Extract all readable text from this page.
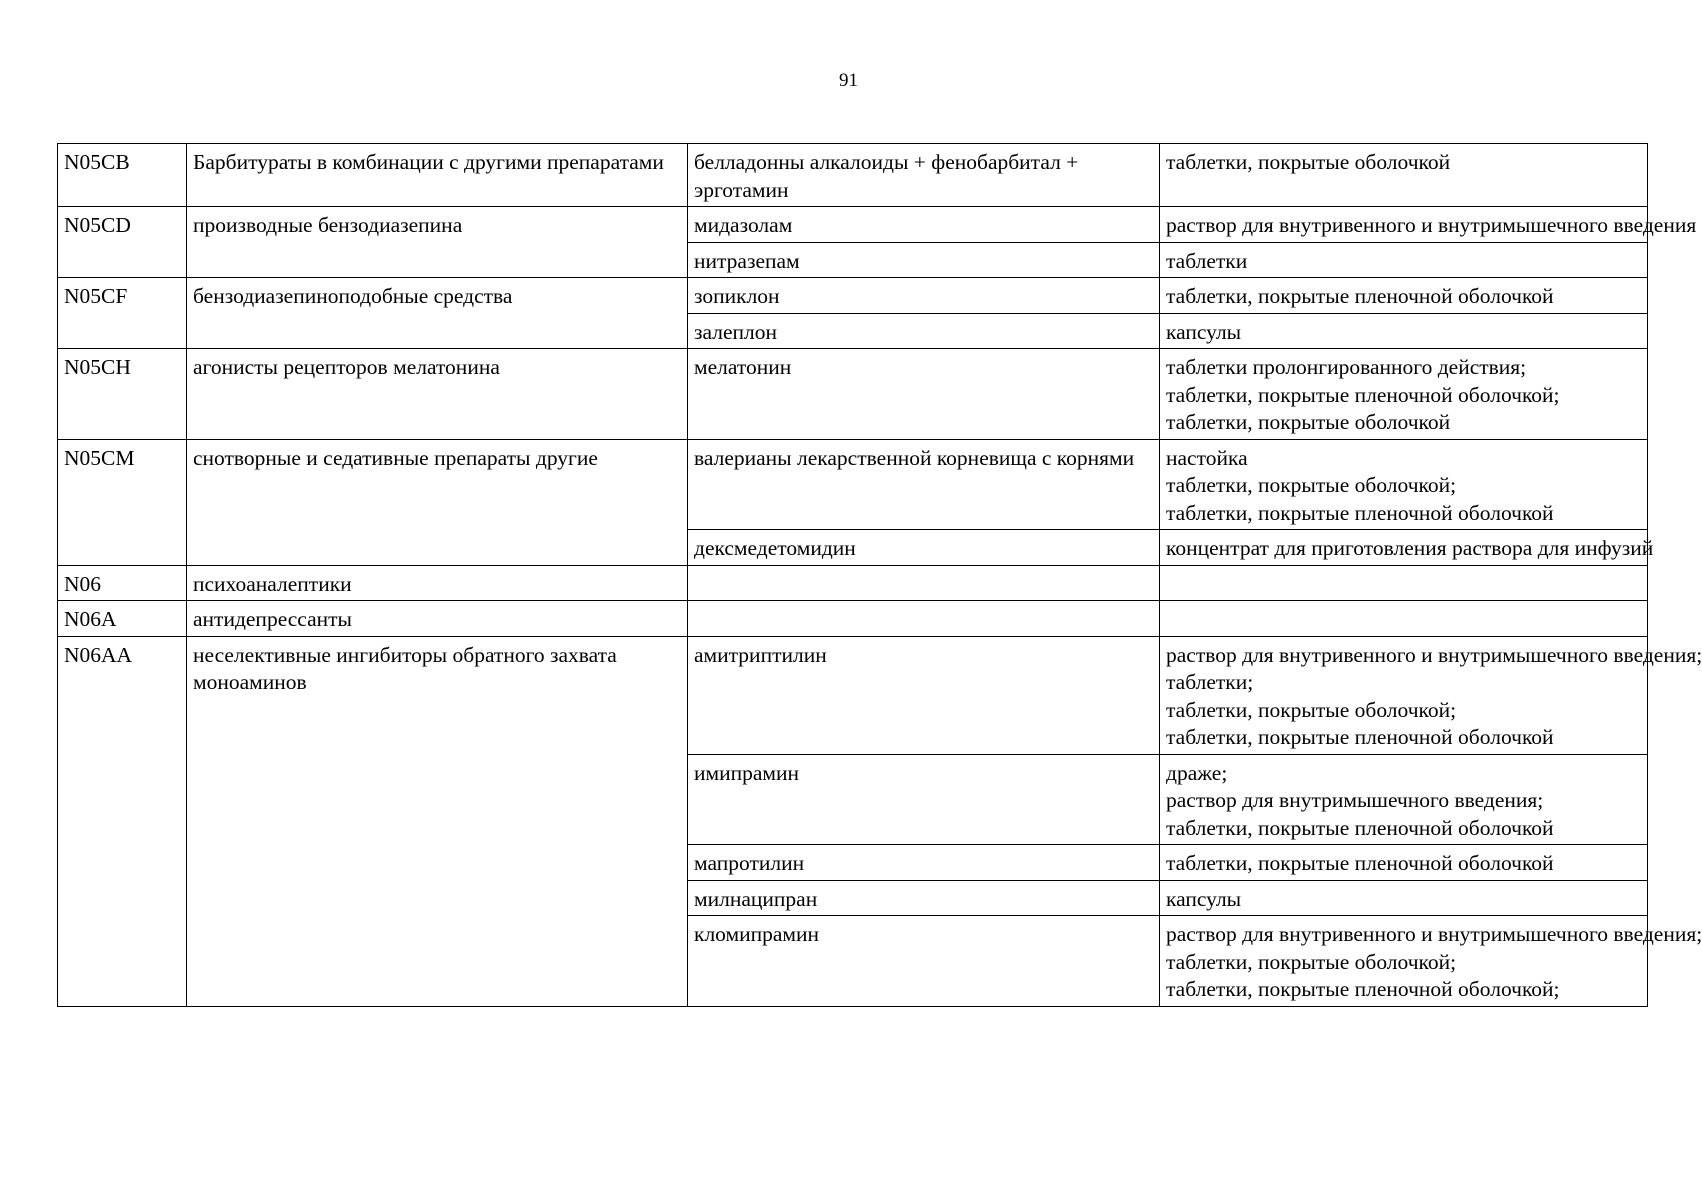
91
N05CB	Барбитураты в комбинации с другими препаратами	белладонны алкалоиды + фенобарбитал + эрготамин	таблетки, покрытые оболочкой

N05CD	производные бензодиазепина	мидазолам	раствор для внутривенного и внутримышечного введения

		нитразепам	таблетки

N05CF	бензодиазепиноподобные средства	зопиклон	таблетки, покрытые пленочной оболочкой

		залеплон	капсулы

N05CH	агонисты рецепторов мелатонина	мелатонин	таблетки пролонгированного действия;
таблетки, покрытые пленочной оболочкой;
таблетки, покрытые оболочкой

N05CM	снотворные и седативные препараты другие	валерианы лекарственной корневища с корнями	настойка
таблетки, покрытые оболочкой;
таблетки, покрытые пленочной оболочкой

		дексмедетомидин	концентрат для приготовления раствора для инфузий

N06	психоаналептики		
N06A	антидепрессанты		
N06AA	неселективные ингибиторы обратного захвата моноаминов	амитриптилин	раствор для внутривенного и внутримышечного введения;
таблетки;
таблетки, покрытые оболочкой;
таблетки, покрытые пленочной оболочкой

		имипрамин	драже;
раствор для внутримышечного введения;
таблетки, покрытые пленочной оболочкой

		мапротилин	таблетки, покрытые пленочной оболочкой

		милнаципран	капсулы

		кломипрамин	раствор для внутривенного и внутримышечного введения;
таблетки, покрытые оболочкой;
таблетки, покрытые пленочной оболочкой;
